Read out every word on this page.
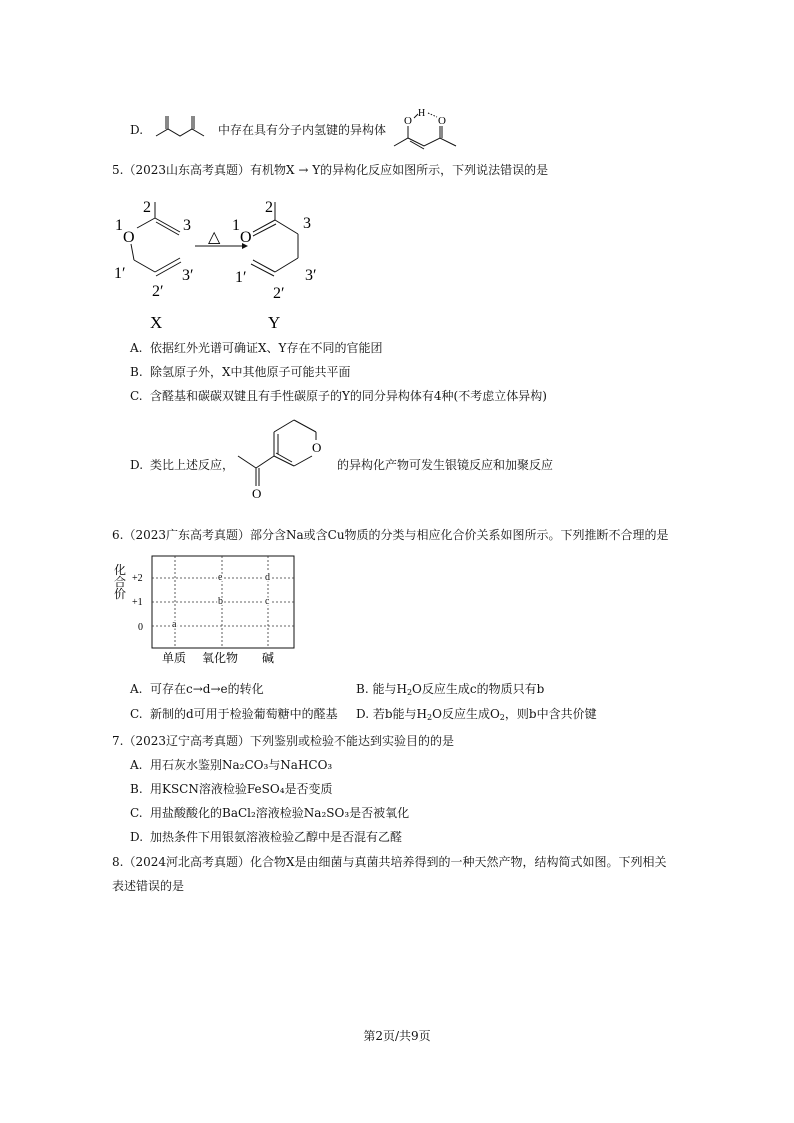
D.	中存在具有分子内氢键的异构体
O
H
O
5.（2023山东高考真题）有机物X → Y的异构化反应如图所示，下列说法错误的是
1
O
2
3
1′
2′
3′
X
△
1
O
2
3
1′
2′
3′
Y
A. 依据红外光谱可确证X、Y存在不同的官能团
B. 除氢原子外，X中其他原子可能共平面
C. 含醛基和碳碳双键且有手性碳原子的Y的同分异构体有4种(不考虑立体异构)
D. 类比上述反应，
O
O
的异构化产物可发生银镜反应和加聚反应
6.（2023广东高考真题）部分含Na或含Cu物质的分类与相应化合价关系如图所示。下列推断不合理的是
化
合
价
+2
+1
0
e	d
b	c
a
单质 氧化物 碱
A. 可存在c→d→e的转化	B. 能与$H_2O$反应生成c的物质只有b
C. 新制的d可用于检验葡萄糖中的醛基 D. 若b能与$H_2O$反应生成$O_2$，则b中含共价键
7.（2023辽宁高考真题）下列鉴别或检验不能达到实验目的的是
A. 用石灰水鉴别Na₂CO₃与NaHCO₃
B. 用KSCN溶液检验FeSO₄是否变质
C. 用盐酸酸化的BaCl₂溶液检验Na₂SO₃是否被氧化
D. 加热条件下用银氨溶液检验乙醇中是否混有乙醛
8.（2024河北高考真题）化合物X是由细菌与真菌共培养得到的一种天然产物，结构简式如图。下列相关
表述错误的是
第2页/共9页
